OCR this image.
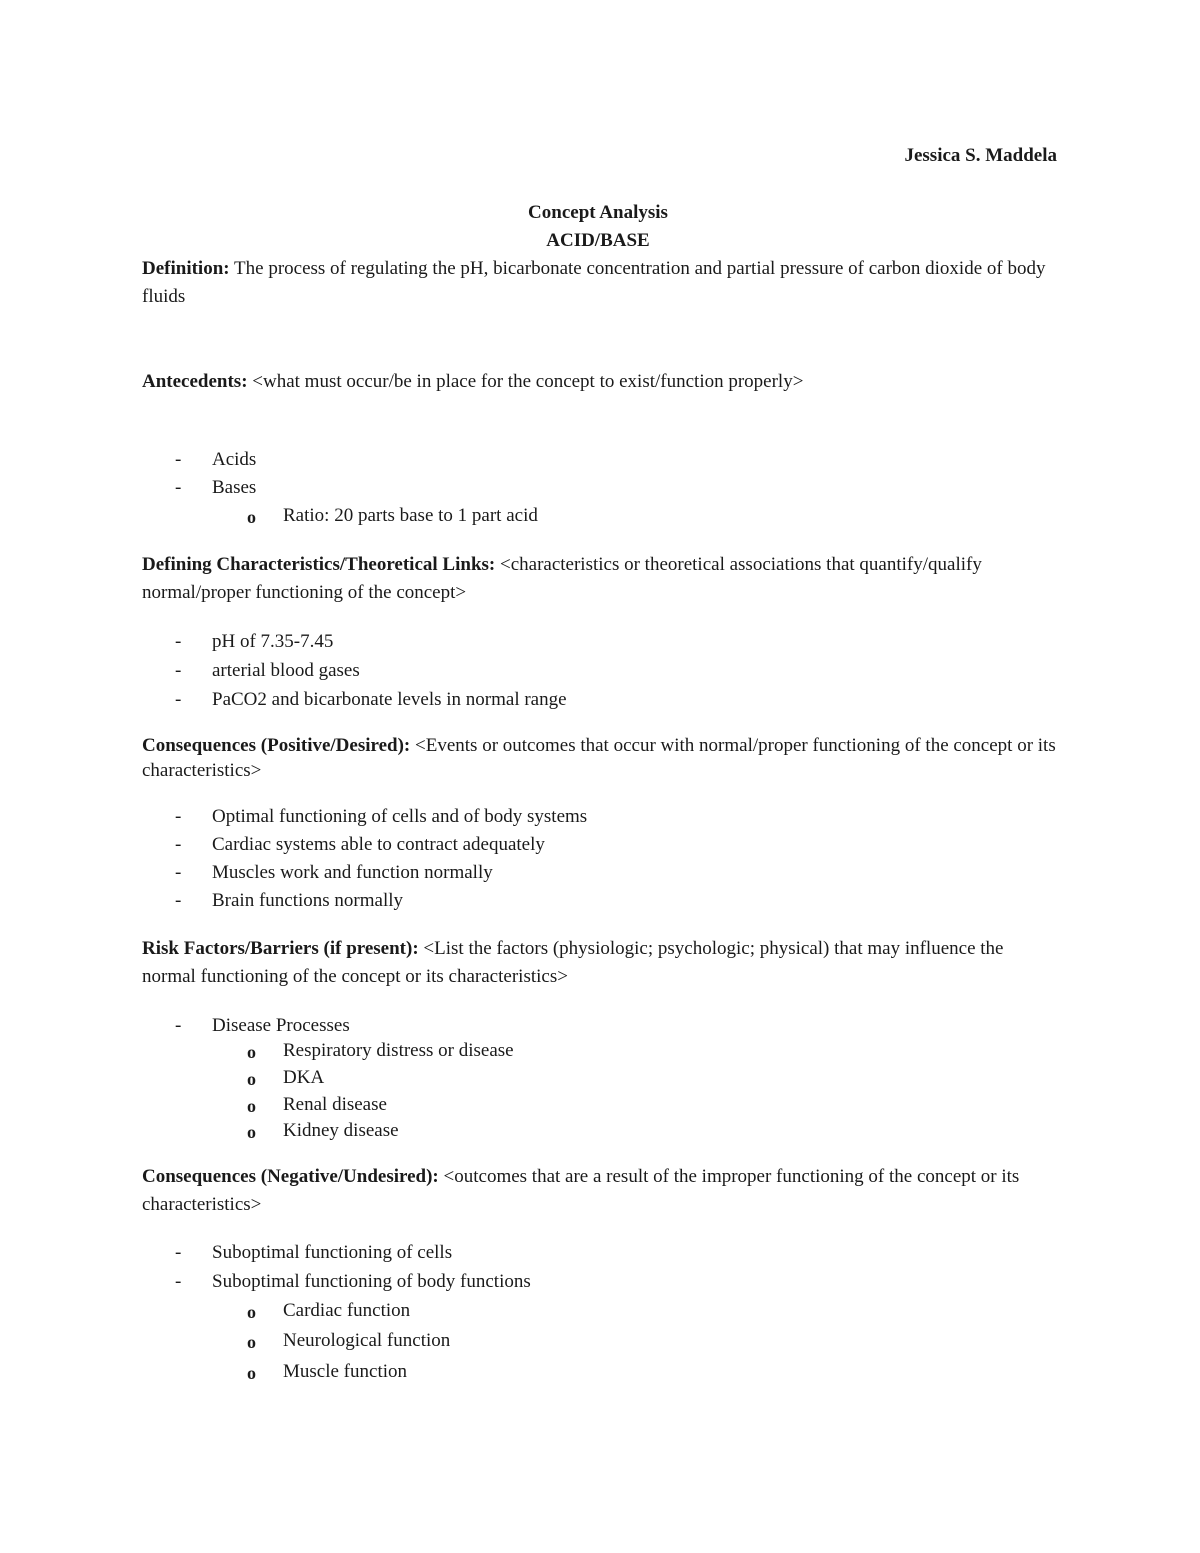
Jessica S. Maddela
Concept Analysis
ACID/BASE
Definition: The process of regulating the pH, bicarbonate concentration and partial pressure of carbon dioxide of body fluids
Antecedents: <what must occur/be in place for the concept to exist/function properly>
- Acids
- Bases
o Ratio: 20 parts base to 1 part acid
Defining Characteristics/Theoretical Links: <characteristics or theoretical associations that quantify/qualify normal/proper functioning of the concept>
- pH of 7.35-7.45
- arterial blood gases
- PaCO2 and bicarbonate levels in normal range
Consequences (Positive/Desired): <Events or outcomes that occur with normal/proper functioning of the concept or its characteristics>
- Optimal functioning of cells and of body systems
- Cardiac systems able to contract adequately
- Muscles work and function normally
- Brain functions normally
Risk Factors/Barriers (if present): <List the factors (physiologic; psychologic; physical) that may influence the normal functioning of the concept or its characteristics>
- Disease Processes
o Respiratory distress or disease
o DKA
o Renal disease
o Kidney disease
Consequences (Negative/Undesired): <outcomes that are a result of the improper functioning of the concept or its characteristics>
- Suboptimal functioning of cells
- Suboptimal functioning of body functions
o Cardiac function
o Neurological function
o Muscle function
